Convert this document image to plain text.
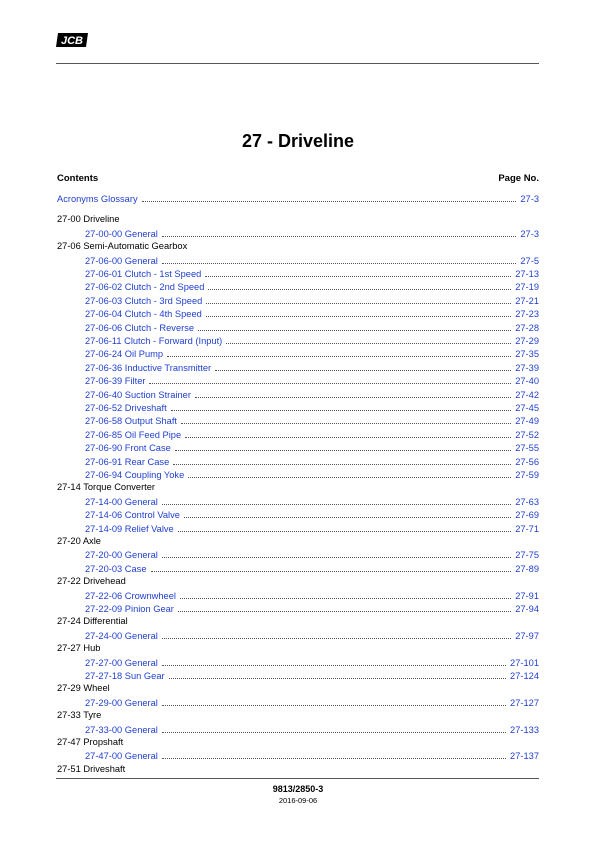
JCB
27 - Driveline
Contents	Page No.
Acronyms Glossary	27-3
27-00 Driveline
27-00-00 General	27-3
27-06 Semi-Automatic Gearbox
27-06-00 General	27-5
27-06-01 Clutch - 1st Speed	27-13
27-06-02 Clutch - 2nd Speed	27-19
27-06-03 Clutch - 3rd Speed	27-21
27-06-04 Clutch - 4th Speed	27-23
27-06-06 Clutch - Reverse	27-28
27-06-11 Clutch - Forward (Input)	27-29
27-06-24 Oil Pump	27-35
27-06-36 Inductive Transmitter	27-39
27-06-39 Filter	27-40
27-06-40 Suction Strainer	27-42
27-06-52 Driveshaft	27-45
27-06-58 Output Shaft	27-49
27-06-85 Oil Feed Pipe	27-52
27-06-90 Front Case	27-55
27-06-91 Rear Case	27-56
27-06-94 Coupling Yoke	27-59
27-14 Torque Converter
27-14-00 General	27-63
27-14-06 Control Valve	27-69
27-14-09 Relief Valve	27-71
27-20 Axle
27-20-00 General	27-75
27-20-03 Case	27-89
27-22 Drivehead
27-22-06 Crownwheel	27-91
27-22-09 Pinion Gear	27-94
27-24 Differential
27-24-00 General	27-97
27-27 Hub
27-27-00 General	27-101
27-27-18 Sun Gear	27-124
27-29 Wheel
27-29-00 General	27-127
27-33 Tyre
27-33-00 General	27-133
27-47 Propshaft
27-47-00 General	27-137
27-51 Driveshaft
9813/2850-3
2016-09-06
